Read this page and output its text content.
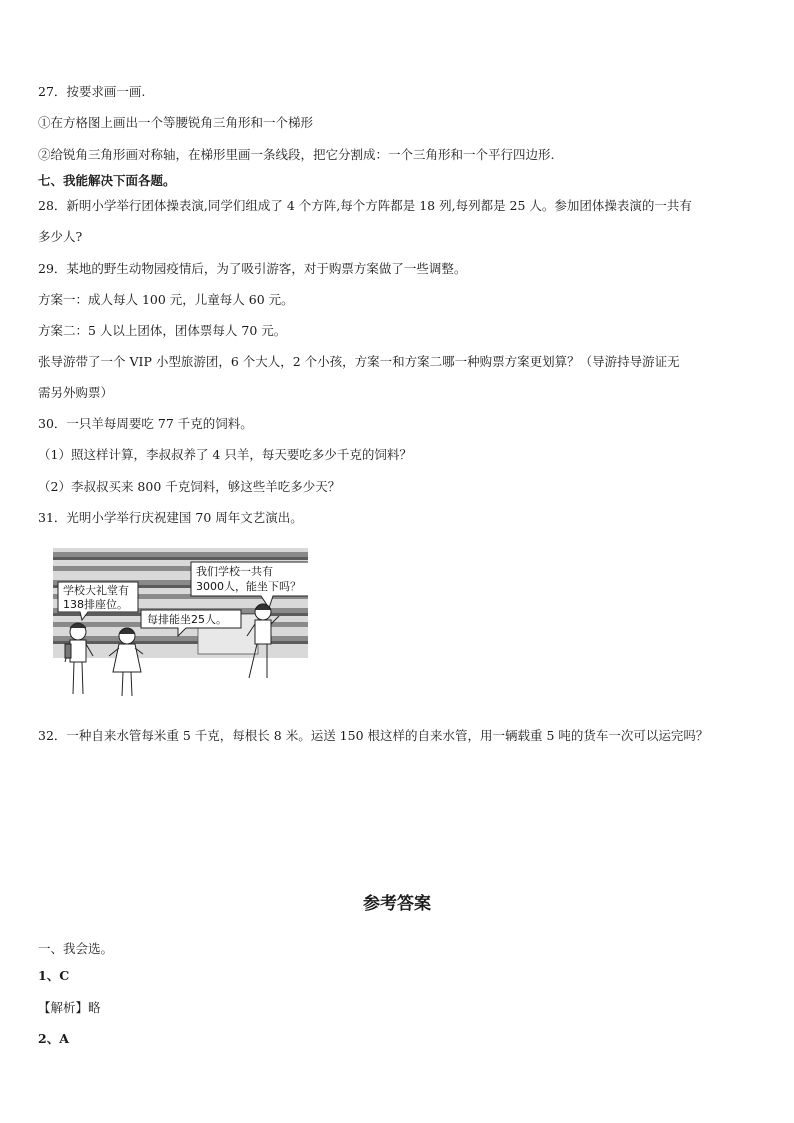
27．按要求画一画.
①在方格图上画出一个等腰锐角三角形和一个梯形
②给锐角三角形画对称轴，在梯形里画一条线段，把它分割成：一个三角形和一个平行四边形.
七、我能解决下面各题。
28．新明小学举行团体操表演,同学们组成了 4 个方阵,每个方阵都是 18 列,每列都是 25 人。参加团体操表演的一共有
多少人?
29．某地的野生动物园疫情后，为了吸引游客，对于购票方案做了一些调整。
方案一：成人每人 100 元，儿童每人 60 元。
方案二：5 人以上团体，团体票每人 70 元。
张导游带了一个 VIP 小型旅游团，6 个大人，2 个小孩，方案一和方案二哪一种购票方案更划算？（导游持导游证无
需另外购票）
30．一只羊每周要吃 77 千克的饲料。
（1）照这样计算，李叔叔养了 4 只羊，每天要吃多少千克的饲料？
（2）李叔叔买来 800 千克饲料，够这些羊吃多少天？
31．光明小学举行庆祝建国 70 周年文艺演出。
学校大礼堂有
138排座位。
每排能坐25人。
我们学校一共有
3000人，能坐下吗？
32．一种自来水管每米重 5 千克，每根长 8 米。运送 150 根这样的自来水管，用一辆载重 5 吨的货车一次可以运完吗？
参考答案
一、我会选。
1、C
【解析】略
2、A
